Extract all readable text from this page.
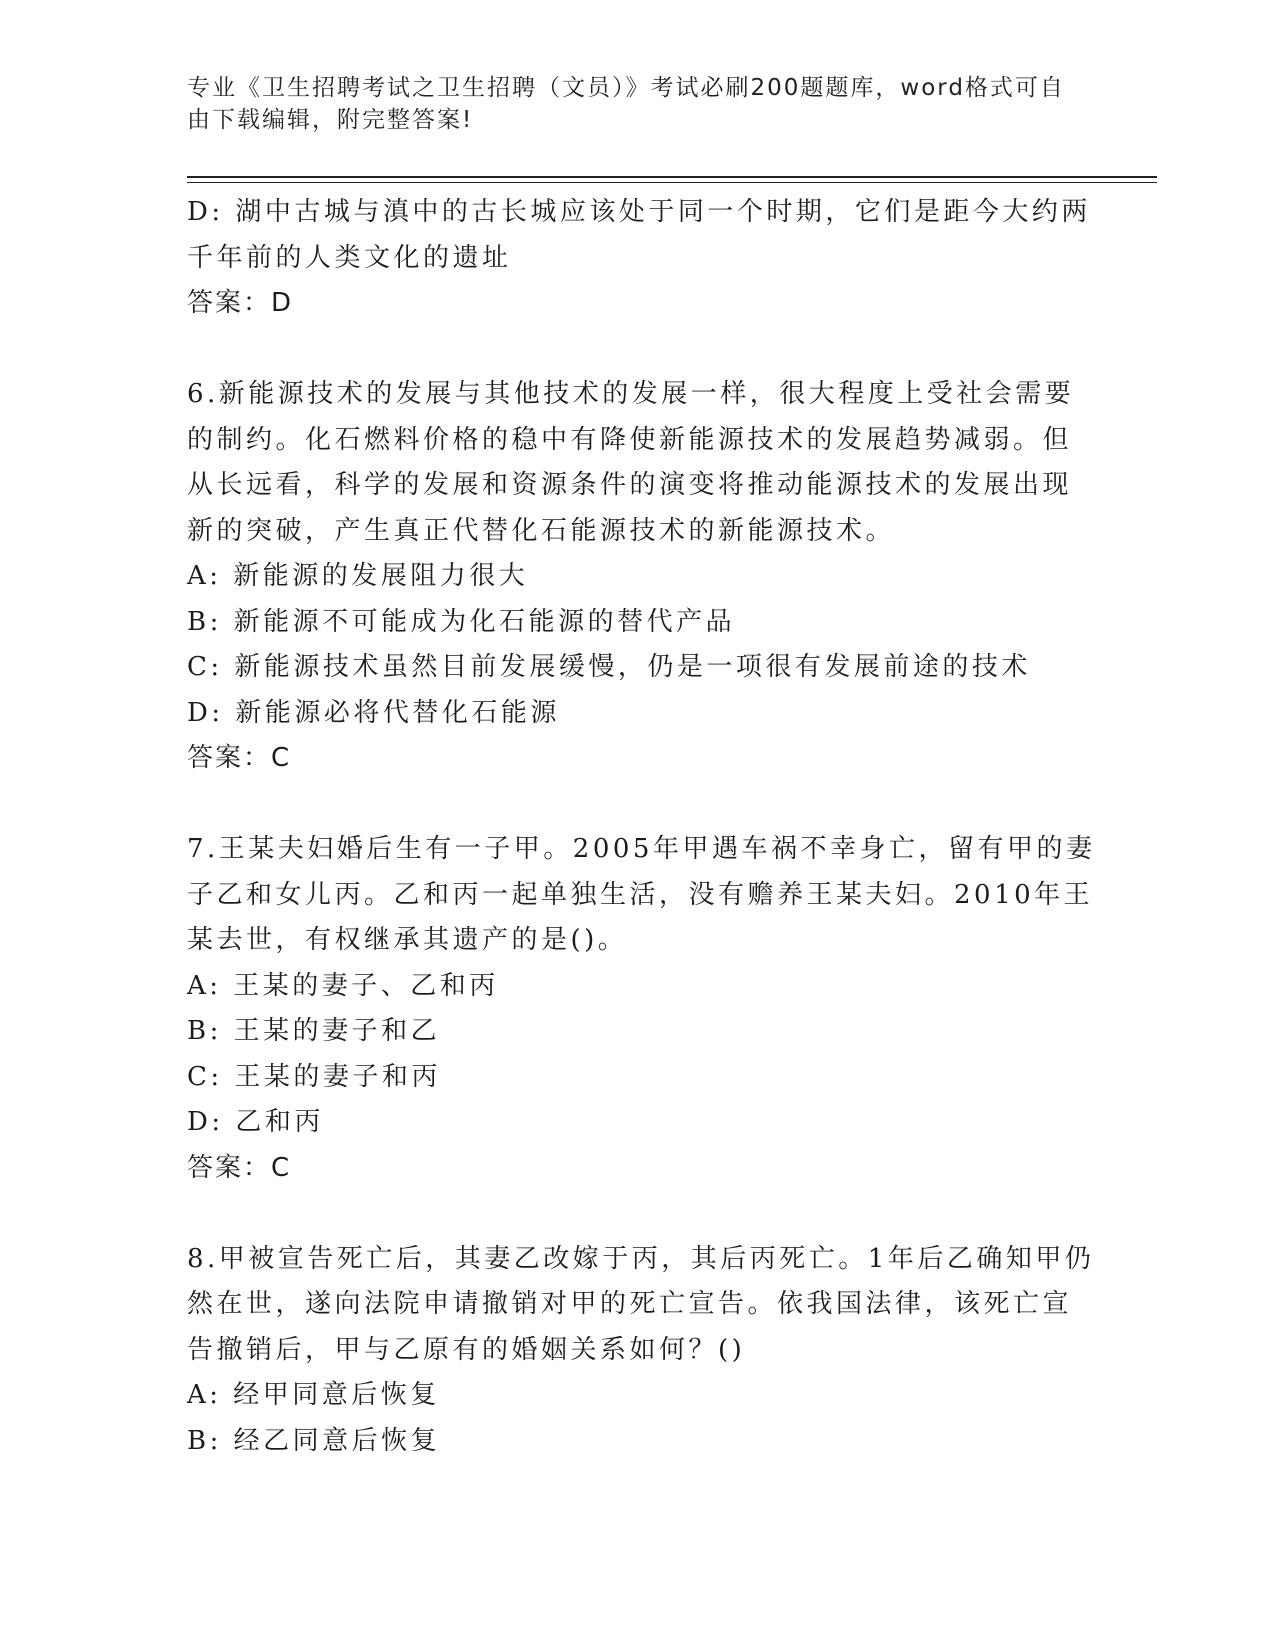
专业《卫生招聘考试之卫生招聘（文员）》考试必刷200题题库，word格式可自
由下载编辑，附完整答案!
D: 湖中古城与滇中的古长城应该处于同一个时期，它们是距今大约两
千年前的人类文化的遗址
答案：D
6.新能源技术的发展与其他技术的发展一样，很大程度上受社会需要
的制约。化石燃料价格的稳中有降使新能源技术的发展趋势减弱。但
从长远看，科学的发展和资源条件的演变将推动能源技术的发展出现
新的突破，产生真正代替化石能源技术的新能源技术。
A: 新能源的发展阻力很大
B: 新能源不可能成为化石能源的替代产品
C: 新能源技术虽然目前发展缓慢，仍是一项很有发展前途的技术
D: 新能源必将代替化石能源
答案：C
7.王某夫妇婚后生有一子甲。2005年甲遇车祸不幸身亡，留有甲的妻
子乙和女儿丙。乙和丙一起单独生活，没有赡养王某夫妇。2010年王
某去世，有权继承其遗产的是()。
A: 王某的妻子、乙和丙
B: 王某的妻子和乙
C: 王某的妻子和丙
D: 乙和丙
答案：C
8.甲被宣告死亡后，其妻乙改嫁于丙，其后丙死亡。1年后乙确知甲仍
然在世，遂向法院申请撤销对甲的死亡宣告。依我国法律，该死亡宣
告撤销后，甲与乙原有的婚姻关系如何？()
A: 经甲同意后恢复
B: 经乙同意后恢复
